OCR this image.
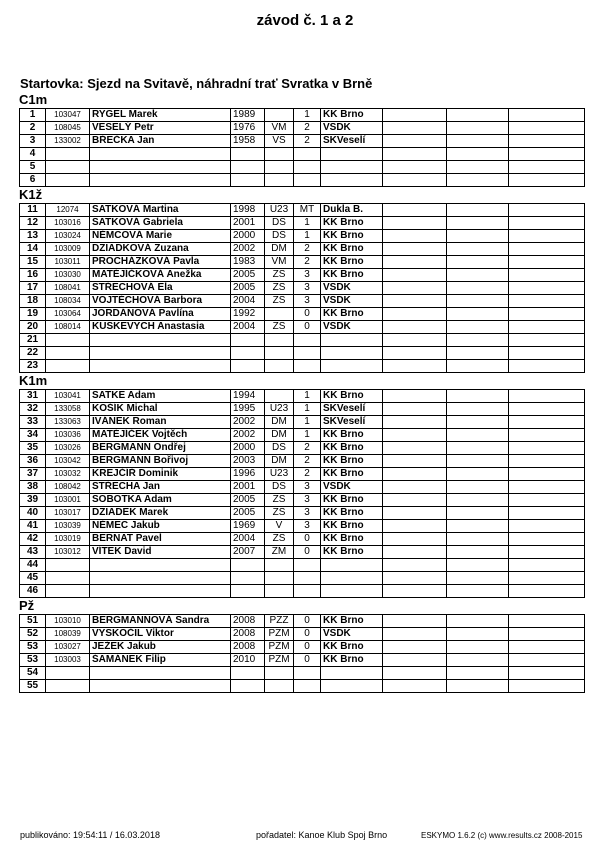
závod č. 1 a 2
Startovka: Sjezd na Svitavě, náhradní trať Svratka v Brně
C1m
1	103047	RYGEL Marek	1989		1	KK Brno			
2	108045	VESELÝ Petr	1976	VM	2	VSDK			
3	133002	BŘEČKA Jan	1958	VS	2	SKVeselí			
4									
5									
6									
K1ž
11	12074	SATKOVÁ Martina	1998	U23	MT	Dukla B.			
12	103016	SATKOVÁ Gabriela	2001	DS	1	KK Brno			
13	103024	NĚMCOVÁ Marie	2000	DS	1	KK Brno			
14	103009	DZIADKOVÁ Zuzana	2002	DM	2	KK Brno			
15	103011	PROCHÁZKOVÁ Pavla	1983	VM	2	KK Brno			
16	103030	MATĚJÍČKOVÁ Anežka	2005	ZS	3	KK Brno			
17	108041	STŘECHOVÁ Ela	2005	ZS	3	VSDK			
18	108034	VOJTĚCHOVÁ Barbora	2004	ZS	3	VSDK			
19	103064	JORDÁNOVÁ Pavlína	1992		0	KK Brno			
20	108014	KUSKEVYCH Anastasia	2004	ZS	0	VSDK			
21									
22									
23									
K1m
31	103041	SATKE Adam	1994		1	KK Brno			
32	133058	KOŠÍK Michal	1995	U23	1	SKVeselí			
33	133063	IVÁNEK Roman	2002	DM	1	SKVeselí			
34	103036	MATĚJÍČEK Vojtěch	2002	DM	1	KK Brno			
35	103026	BERGMANN Ondřej	2000	DS	2	KK Brno			
36	103042	BERGMANN Bořivoj	2003	DM	2	KK Brno			
37	103032	KREJČÍŘ Dominik	1996	U23	2	KK Brno			
38	108042	STŘECHA Jan	2001	DS	3	VSDK			
39	103001	SOBOTKA Adam	2005	ZS	3	KK Brno			
40	103017	DZIADEK Marek	2005	ZS	3	KK Brno			
41	103039	NĚMEC Jakub	1969	V	3	KK Brno			
42	103019	BERNAT Pavel	2004	ZS	0	KK Brno			
43	103012	VÍTEK David	2007	ZM	0	KK Brno			
44									
45									
46									
Pž
51	103010	BERGMANNOVÁ Sandra	2008	PZZ	0	KK Brno			
52	108039	VYSKOČIL Viktor	2008	PZM	0	VSDK			
53	103027	JEŽEK Jakub	2008	PZM	0	KK Brno			
53	103003	ŠAMÁNEK Filip	2010	PZM	0	KK Brno			
54									
55									
publikováno: 19:54:11 / 16.03.2018	pořadatel: Kanoe Klub Spoj Brno	ESKYMO 1.6.2 (c) www.results.cz 2008-2015
